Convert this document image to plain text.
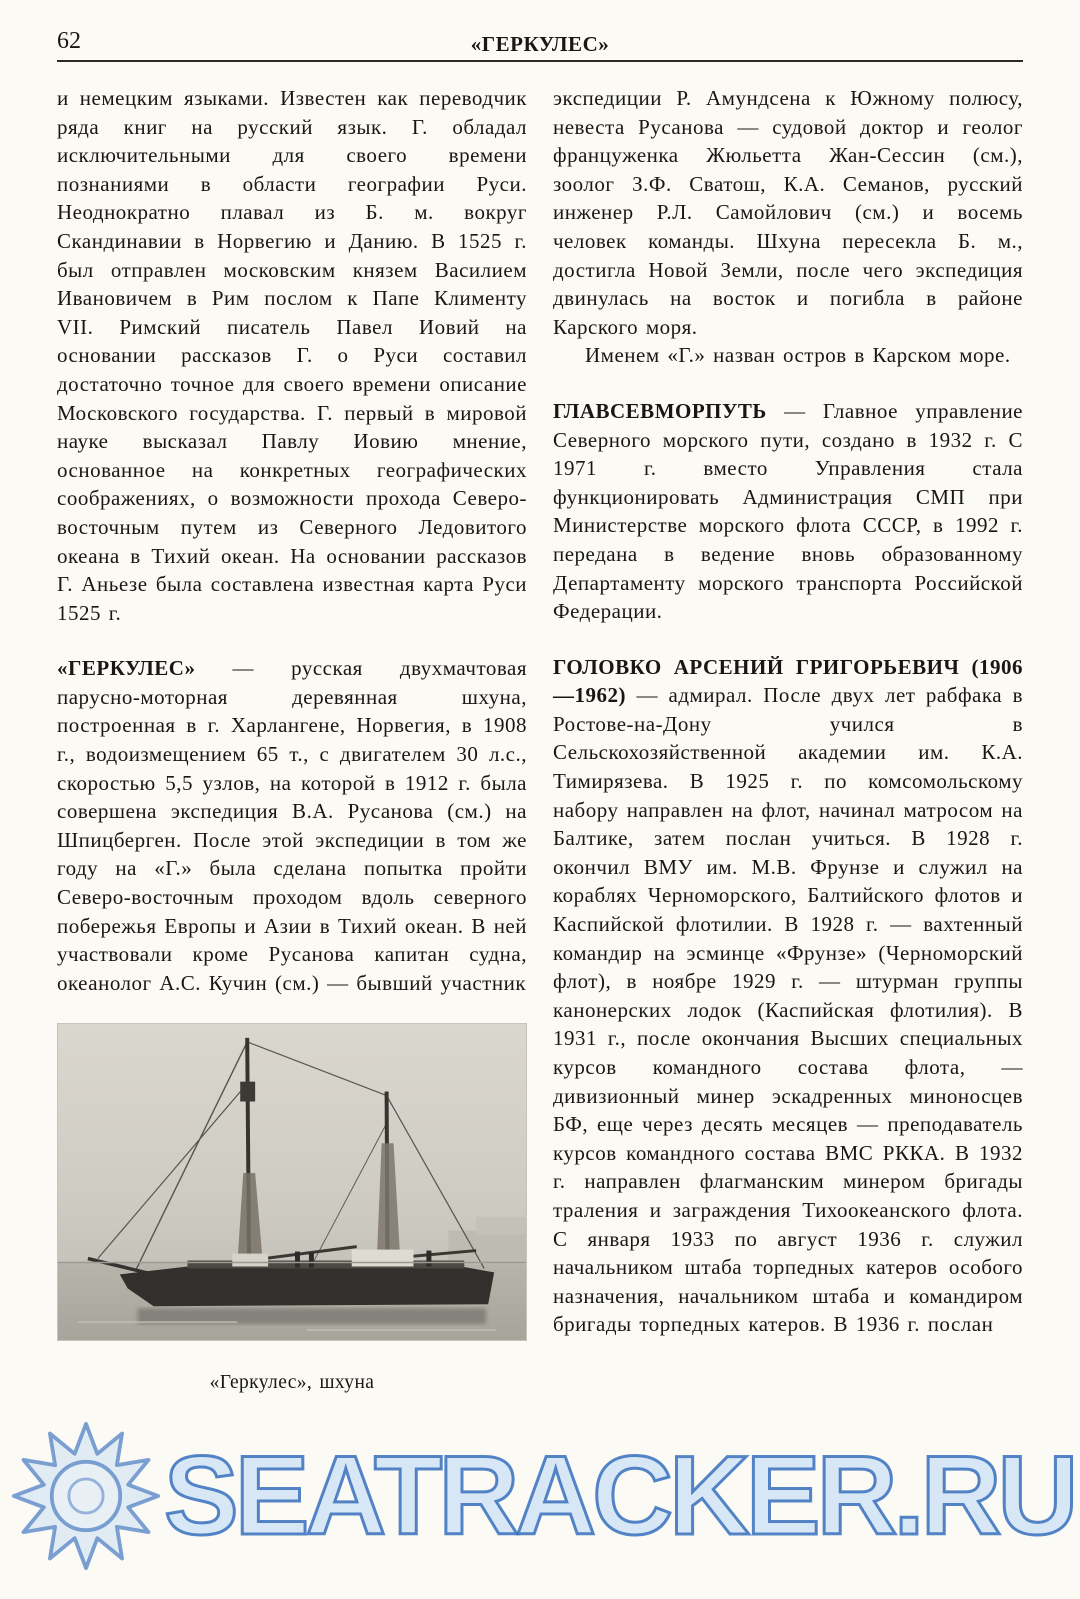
62	«ГЕРКУЛЕС»

и немецким языками. Известен как переводчик ряда книг на русский язык. Г. обладал исключительными для своего времени познаниями в области географии Руси. Неоднократно плавал из Б. м. вокруг Скандинавии в Норвегию и Данию. В 1525 г. был отправлен московским князем Василием Ивановичем в Рим послом к Папе Клименту VII. Римский писатель Павел Иовий на основании рассказов Г. о Руси составил достаточно точное для своего времени описание Московского государства. Г. первый в мировой науке высказал Павлу Иовию мнение, основанное на конкретных географических соображениях, о возможности прохода Северо-восточным путем из Северного Ледовитого океана в Тихий океан. На основании рассказов Г. Аньезе была составлена известная карта Руси 1525 г.

«ГЕРКУЛЕС» — русская двухмачтовая парусно-моторная деревянная шхуна, построенная в г. Харлангене, Норвегия, в 1908 г., водоизмещением 65 т., с двигателем 30 л.с., скоростью 5,5 узлов, на которой в 1912 г. была совершена экспедиция В.А. Русанова (см.) на Шпицберген. После этой экспедиции в том же году на «Г.» была сделана попытка пройти Северо-восточным проходом вдоль северного побережья Европы и Азии в Тихий океан. В ней участвовали кроме Русанова капитан судна, океанолог А.С. Кучин (см.) — бывший участник

«Геркулес», шхуна

экспедиции Р. Амундсена к Южному полюсу, невеста Русанова — судовой доктор и геолог француженка Жюльетта Жан-Сессин (см.), зоолог З.Ф. Сватош, К.А. Семанов, русский инженер Р.Л. Самойлович (см.) и восемь человек команды. Шхуна пересекла Б. м., достигла Новой Земли, после чего экспедиция двинулась на восток и погибла в районе Карского моря.

Именем «Г.» назван остров в Карском море.

ГЛАВСЕВМОРПУТЬ — Главное управление Северного морского пути, создано в 1932 г. С 1971 г. вместо Управления стала функционировать Администрация СМП при Министерстве морского флота СССР, в 1992 г. передана в ведение вновь образованному Департаменту морского транспорта Российской Федерации.

ГОЛОВКО АРСЕНИЙ ГРИГОРЬЕВИЧ (1906—1962) — адмирал. После двух лет рабфака в Ростове-на-Дону учился в Сельскохозяйственной академии им. К.А. Тимирязева. В 1925 г. по комсомольскому набору направлен на флот, начинал матросом на Балтике, затем послан учиться. В 1928 г. окончил ВМУ им. М.В. Фрунзе и служил на кораблях Черноморского, Балтийского флотов и Каспийской флотилии. В 1928 г. — вахтенный командир на эсминце «Фрунзе» (Черноморский флот), в ноябре 1929 г. — штурман группы канонерских лодок (Каспийская флотилия). В 1931 г., после окончания Высших специальных курсов командного состава флота, — дивизионный минер эскадренных миноносцев БФ, еще через десять месяцев — преподаватель курсов командного состава ВМС РККА. В 1932 г. направлен флагманским минером бригады траления и заграждения Тихоокеанского флота. С января 1933 по август 1936 г. служил начальником штаба торпедных катеров особого назначения, начальником штаба и командиром бригады торпедных катеров. В 1936 г. послан

SEATRACKER.RU
